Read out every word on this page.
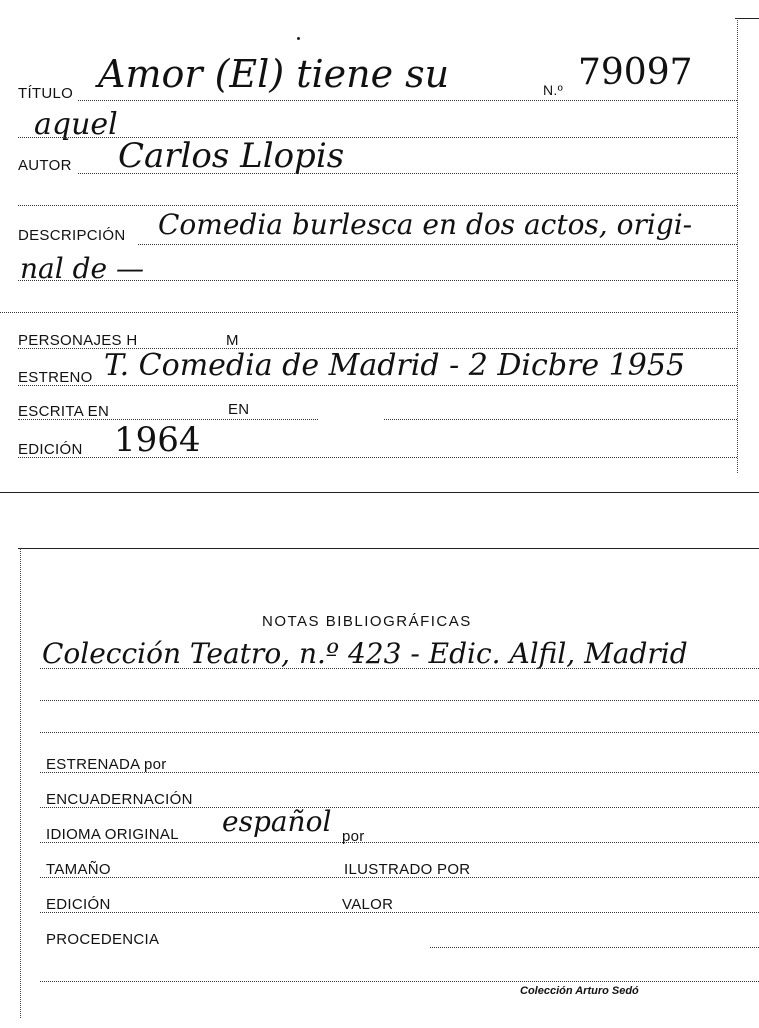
TÍTULO Amor (El) tiene su	N.º 79097
aquel
AUTOR Carlos Llopis
DESCRIPCIÓN Comedia burlesca en dos actos, origi-
nal de —
PERSONAJES H	M
ESTRENO T. Comedia de Madrid - 2 Dicbre 1955
ESCRITA EN	EN
EDICIÓN 1964
NOTAS BIBLIOGRÁFICAS
Colección Teatro, n.º 423 - Edic. Alfil, Madrid
ESTRENADA por
ENCUADERNACIÓN
IDIOMA ORIGINAL español por
TAMAÑO	ILUSTRADO POR
EDICIÓN	VALOR
PROCEDENCIA
Colección Arturo Sedó
